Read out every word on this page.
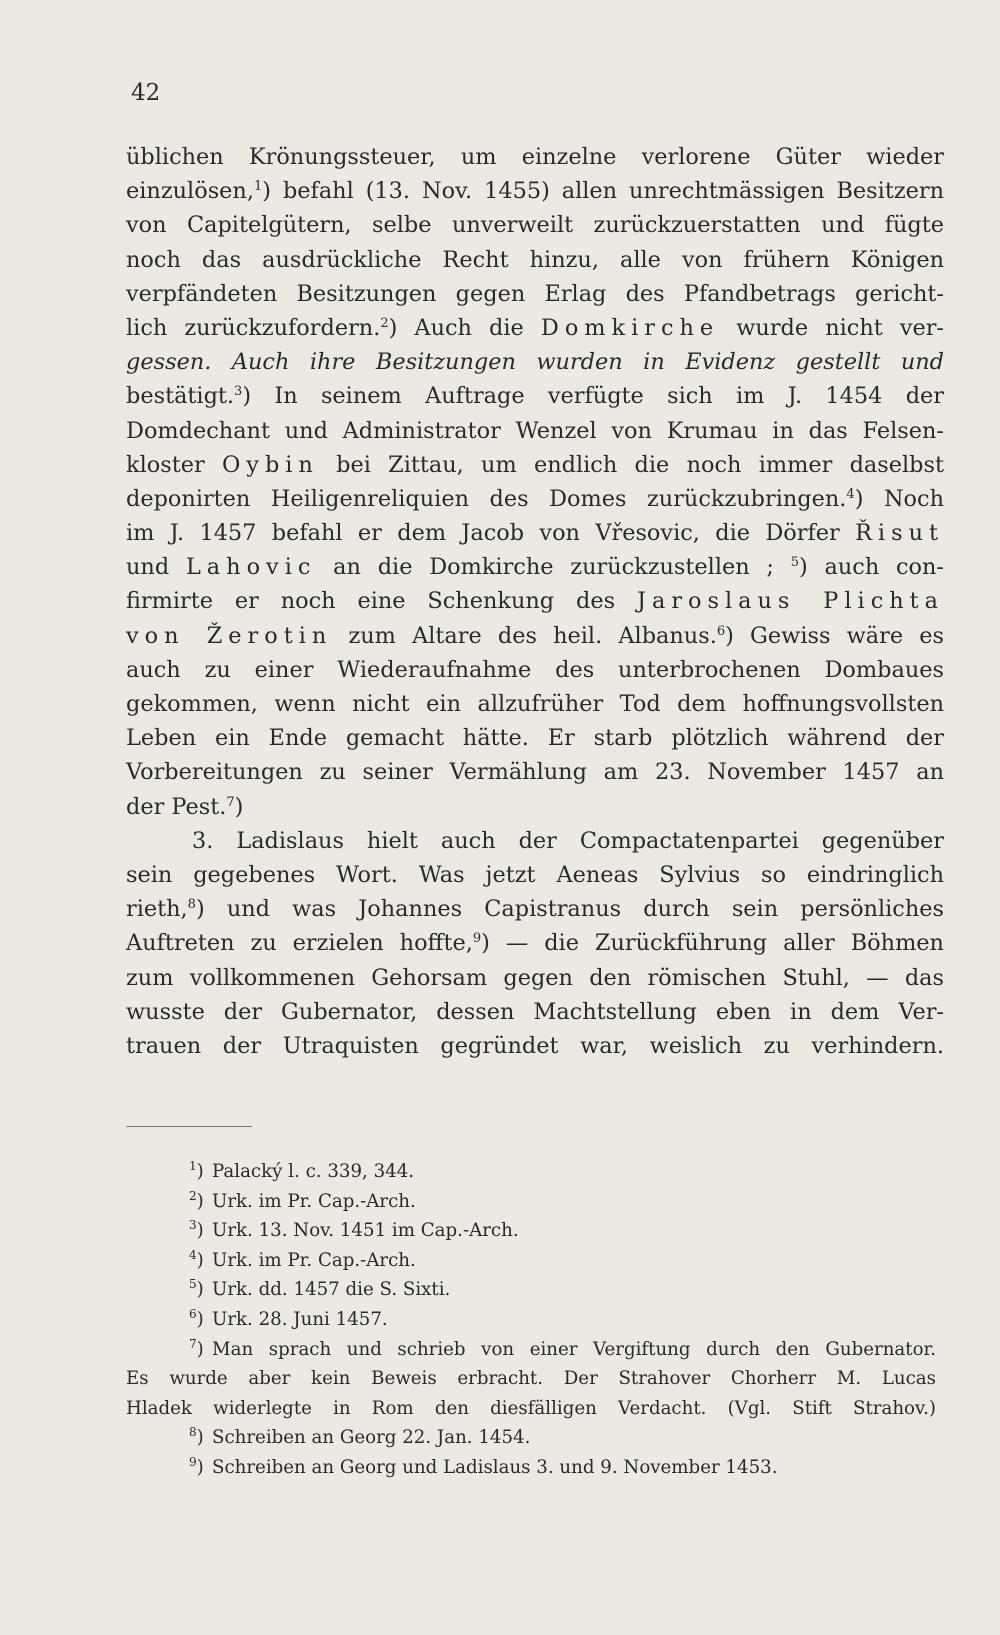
42
üblichen Krönungssteuer, um einzelne verlorene Güter wieder
einzulösen,$^1$) befahl (13. Nov. 1455) allen unrechtmässigen Besitzern
von Capitelgütern, selbe unverweilt zurückzuerstatten und fügte
noch das ausdrückliche Recht hinzu, alle von frühern Königen
verpfändeten Besitzungen gegen Erlag des Pfandbetrags gericht-
lich zurückzufordern.$^2$) Auch die Domkirche wurde nicht ver-
gessen. Auch ihre Besitzungen wurden in Evidenz gestellt und
bestätigt.$^3$) In seinem Auftrage verfügte sich im J. 1454 der
Domdechant und Administrator Wenzel von Krumau in das Felsen-
kloster Oybin bei Zittau, um endlich die noch immer daselbst
deponirten Heiligenreliquien des Domes zurückzubringen.$^4$) Noch
im J. 1457 befahl er dem Jacob von Vřesovic, die Dörfer Řisut
und Lahovic an die Domkirche zurückzustellen ; $^5$) auch con-
firmirte er noch eine Schenkung des Jaroslaus Plichta
von Žerotin zum Altare des heil. Albanus.$^6$) Gewiss wäre es
auch zu einer Wiederaufnahme des unterbrochenen Dombaues
gekommen, wenn nicht ein allzufrüher Tod dem hoffnungsvollsten
Leben ein Ende gemacht hätte. Er starb plötzlich während der
Vorbereitungen zu seiner Vermählung am 23. November 1457 an
der Pest.$^7$)
3. Ladislaus hielt auch der Compactatenpartei gegenüber
sein gegebenes Wort. Was jetzt Aeneas Sylvius so eindringlich
rieth,$^8$) und was Johannes Capistranus durch sein persönliches
Auftreten zu erzielen hoffte,$^9$) — die Zurückführung aller Böhmen
zum vollkommenen Gehorsam gegen den römischen Stuhl, — das
wusste der Gubernator, dessen Machtstellung eben in dem Ver-
trauen der Utraquisten gegründet war, weislich zu verhindern.
$^1$) Palacký l. c. 339, 344.
$^2$) Urk. im Pr. Cap.-Arch.
$^3$) Urk. 13. Nov. 1451 im Cap.-Arch.
$^4$) Urk. im Pr. Cap.-Arch.
$^5$) Urk. dd. 1457 die S. Sixti.
$^6$) Urk. 28. Juni 1457.
$^7$) Man sprach und schrieb von einer Vergiftung durch den Gubernator.
Es wurde aber kein Beweis erbracht. Der Strahover Chorherr M. Lucas
Hladek widerlegte in Rom den diesfälligen Verdacht. (Vgl. Stift Strahov.)
$^8$) Schreiben an Georg 22. Jan. 1454.
$^9$) Schreiben an Georg und Ladislaus 3. und 9. November 1453.
